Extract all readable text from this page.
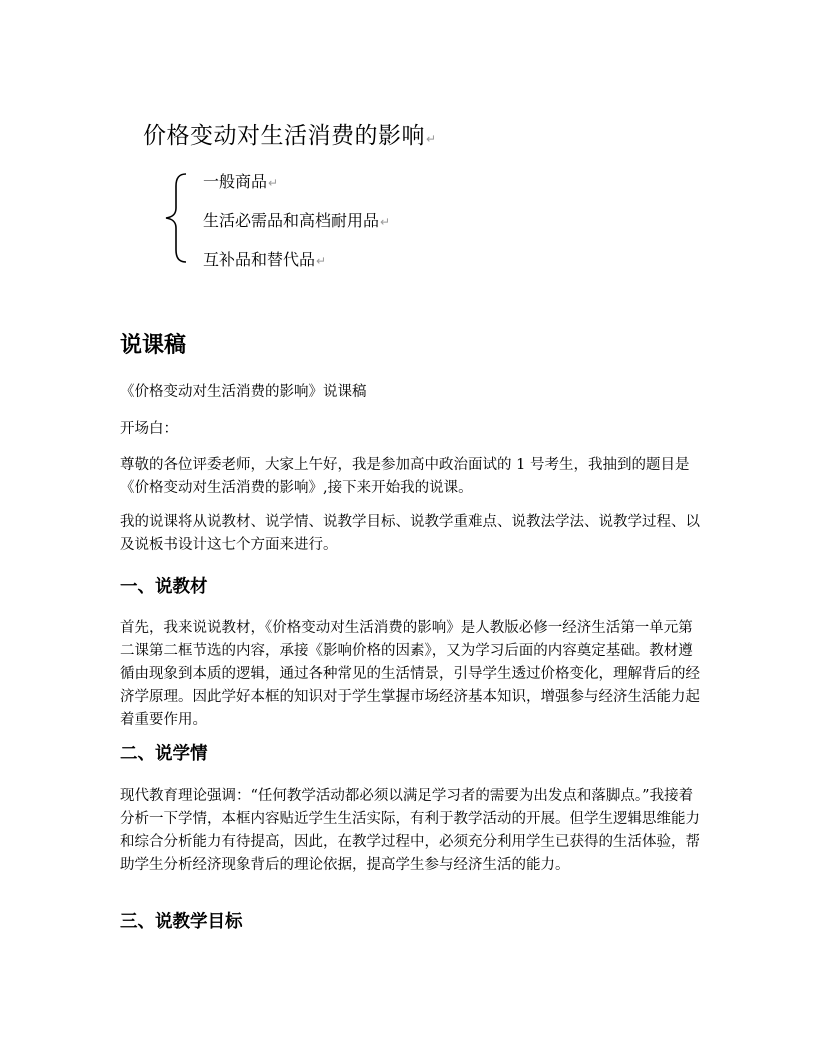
价格变动对生活消费的影响↵
一般商品↵
生活必需品和高档耐用品↵
互补品和替代品↵
说课稿

《价格变动对生活消费的影响》说课稿

开场白：

尊敬的各位评委老师，大家上午好，我是参加高中政治面试的 1 号考生，我抽到的题目是《价格变动对生活消费的影响》,接下来开始我的说课。

我的说课将从说教材、说学情、说教学目标、说教学重难点、说教法学法、说教学过程、以及说板书设计这七个方面来进行。

一、说教材

首先，我来说说教材，《价格变动对生活消费的影响》是人教版必修一经济生活第一单元第二课第二框节选的内容，承接《影响价格的因素》，又为学习后面的内容奠定基础。教材遵循由现象到本质的逻辑，通过各种常见的生活情景，引导学生透过价格变化，理解背后的经济学原理。因此学好本框的知识对于学生掌握市场经济基本知识，增强参与经济生活能力起着重要作用。

二、说学情

现代教育理论强调：“任何教学活动都必须以满足学习者的需要为出发点和落脚点。”我接着分析一下学情，本框内容贴近学生生活实际，有利于教学活动的开展。但学生逻辑思维能力和综合分析能力有待提高，因此，在教学过程中，必须充分利用学生已获得的生活体验，帮助学生分析经济现象背后的理论依据，提高学生参与经济生活的能力。

三、说教学目标
